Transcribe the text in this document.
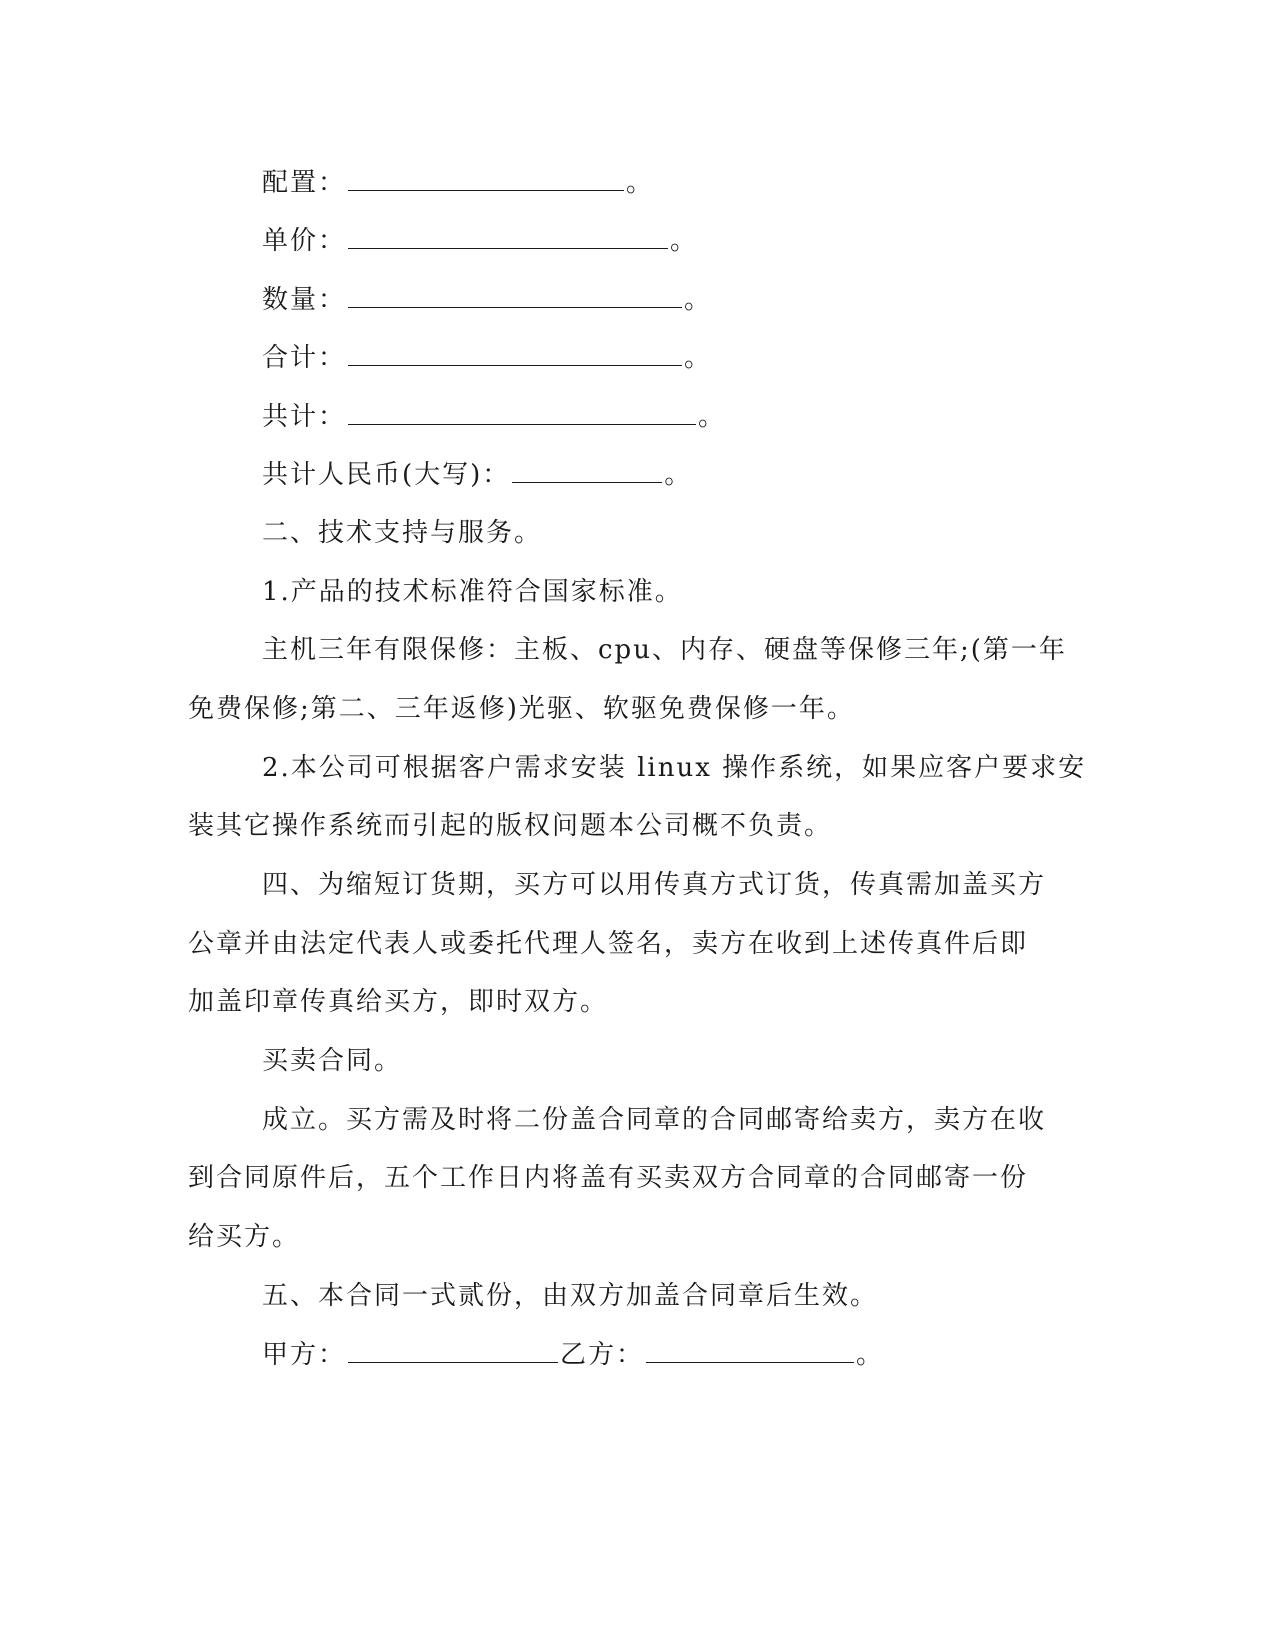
配置：	。
单价：	。
数量：	。
合计：	。
共计：	。
共计人民币(大写)：	。
二、技术支持与服务。
1.产品的技术标准符合国家标准。
主机三年有限保修：主板、cpu、内存、硬盘等保修三年;(第一年
免费保修;第二、三年返修)光驱、软驱免费保修一年。
2.本公司可根据客户需求安装 linux 操作系统，如果应客户要求安
装其它操作系统而引起的版权问题本公司概不负责。
四、为缩短订货期，买方可以用传真方式订货，传真需加盖买方
公章并由法定代表人或委托代理人签名，卖方在收到上述传真件后即
加盖印章传真给买方，即时双方。
买卖合同。
成立。买方需及时将二份盖合同章的合同邮寄给卖方，卖方在收
到合同原件后，五个工作日内将盖有买卖双方合同章的合同邮寄一份
给买方。
五、本合同一式贰份，由双方加盖合同章后生效。
甲方：	乙方：	。
